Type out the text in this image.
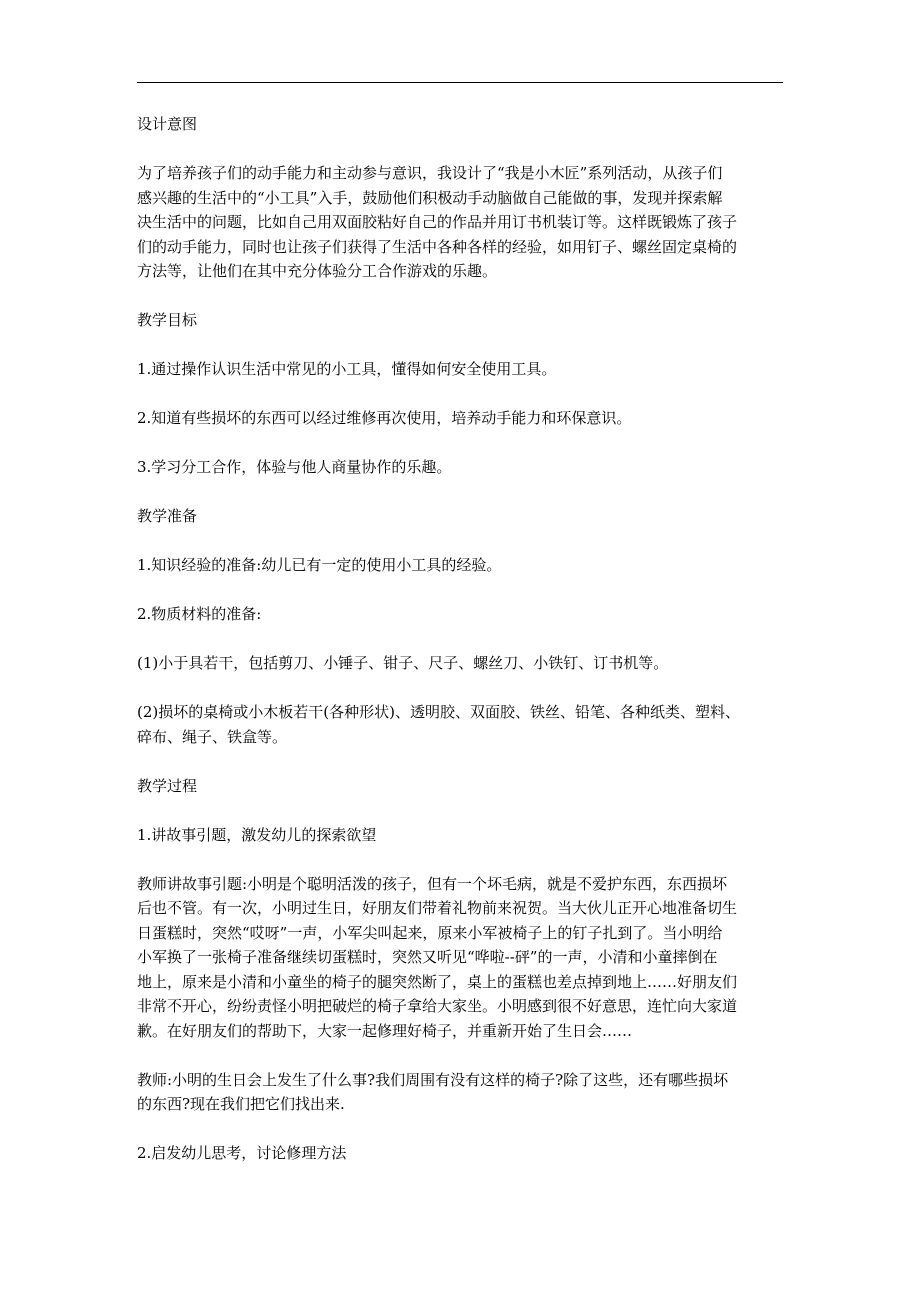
设计意图

为了培养孩子们的动手能力和主动参与意识，我设计了“我是小木匠”系列活动，从孩子们
感兴趣的生活中的“小工具”入手，鼓励他们积极动手动脑做自己能做的事，发现并探索解
决生活中的问题，比如自己用双面胶粘好自己的作品并用订书机装订等。这样既锻炼了孩子
们的动手能力，同时也让孩子们获得了生活中各种各样的经验，如用钉子、螺丝固定桌椅的
方法等，让他们在其中充分体验分工合作游戏的乐趣。

教学目标

1.通过操作认识生活中常见的小工具，懂得如何安全使用工具。

2.知道有些损坏的东西可以经过维修再次使用，培养动手能力和环保意识。

3.学习分工合作，体验与他人商量协作的乐趣。

教学准备

1.知识经验的准备:幼儿已有一定的使用小工具的经验。

2.物质材料的准备:

(1)小于具若干，包括剪刀、小锤子、钳子、尺子、螺丝刀、小铁钉、订书机等。

(2)损坏的桌椅或小木板若干(各种形状)、透明胶、双面胶、铁丝、铅笔、各种纸类、塑料、
碎布、绳子、铁盒等。

教学过程

1.讲故事引题，激发幼儿的探索欲望

教师讲故事引题:小明是个聪明活泼的孩子，但有一个坏毛病，就是不爱护东西，东西损坏
后也不管。有一次，小明过生日，好朋友们带着礼物前来祝贺。当大伙儿正开心地准备切生
日蛋糕时，突然“哎呀”一声，小军尖叫起来，原来小军被椅子上的钉子扎到了。当小明给
小军换了一张椅子准备继续切蛋糕时，突然又听见“哗啦--砰”的一声，小清和小童摔倒在
地上，原来是小清和小童坐的椅子的腿突然断了，桌上的蛋糕也差点掉到地上……好朋友们
非常不开心，纷纷责怪小明把破烂的椅子拿给大家坐。小明感到很不好意思，连忙向大家道
歉。在好朋友们的帮助下，大家一起修理好椅子，并重新开始了生日会……

教师:小明的生日会上发生了什么事?我们周围有没有这样的椅子?除了这些，还有哪些损坏
的东西?现在我们把它们找出来.

2.启发幼儿思考，讨论修理方法
